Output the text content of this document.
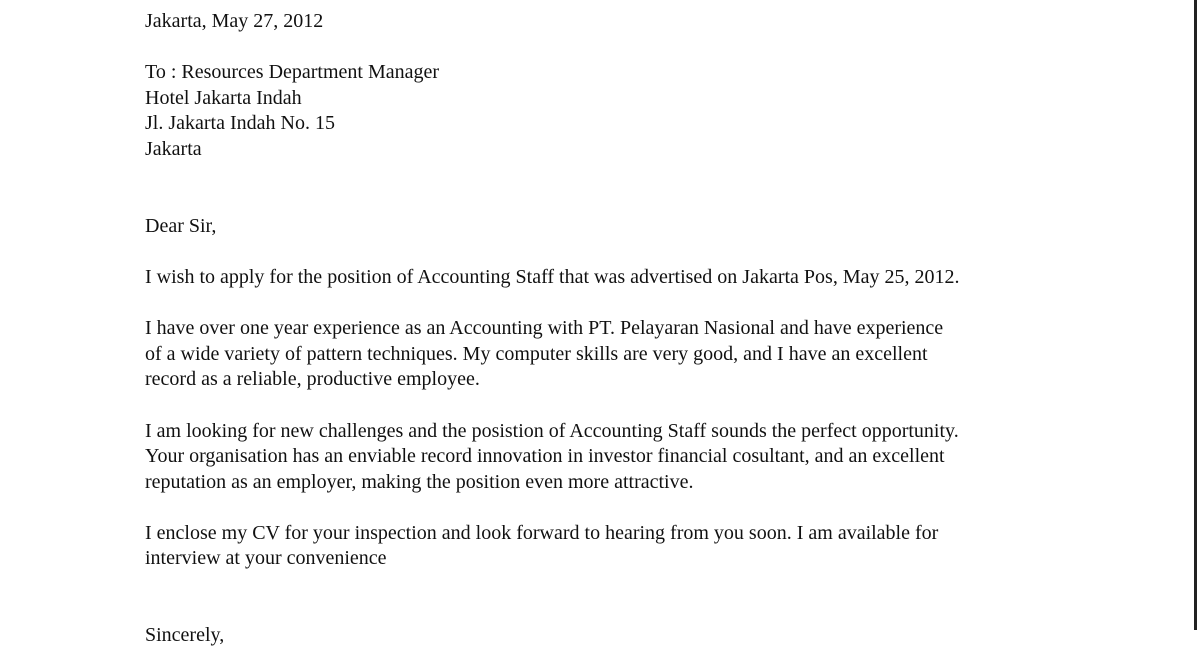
Jakarta, May 27, 2012
To : Resources Department Manager
Hotel Jakarta Indah
Jl. Jakarta Indah No. 15
Jakarta
Dear Sir,
I wish to apply for the position of Accounting Staff that was advertised on Jakarta Pos, May 25, 2012.
I have over one year experience as an Accounting with PT. Pelayaran Nasional and have experience
of a wide variety of pattern techniques. My computer skills are very good, and I have an excellent
record as a reliable, productive employee.
I am looking for new challenges and the posistion of Accounting Staff sounds the perfect opportunity.
Your organisation has an enviable record innovation in investor financial cosultant, and an excellent
reputation as an employer, making the position even more attractive.
I enclose my CV for your inspection and look forward to hearing from you soon. I am available for
interview at your convenience
Sincerely,
